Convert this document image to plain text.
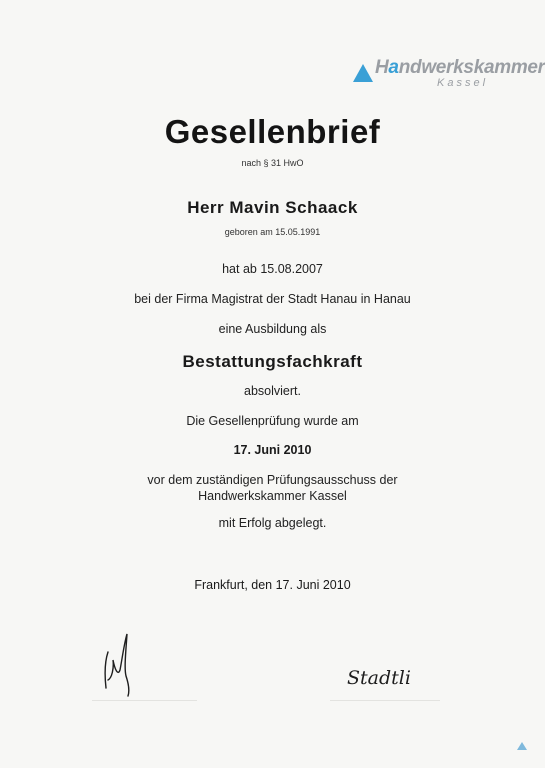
Handwerkskammer
Kassel
Gesellenbrief
nach § 31 HwO
Herr Mavin Schaack
geboren am 15.05.1991
hat ab 15.08.2007
bei der Firma Magistrat der Stadt Hanau in Hanau
eine Ausbildung als
Bestattungsfachkraft
absolviert.
Die Gesellenprüfung wurde am
17. Juni 2010
vor dem zuständigen Prüfungsausschuss der
Handwerkskammer Kassel
mit Erfolg abgelegt.
Frankfurt, den 17. Juni 2010
Stadtli
